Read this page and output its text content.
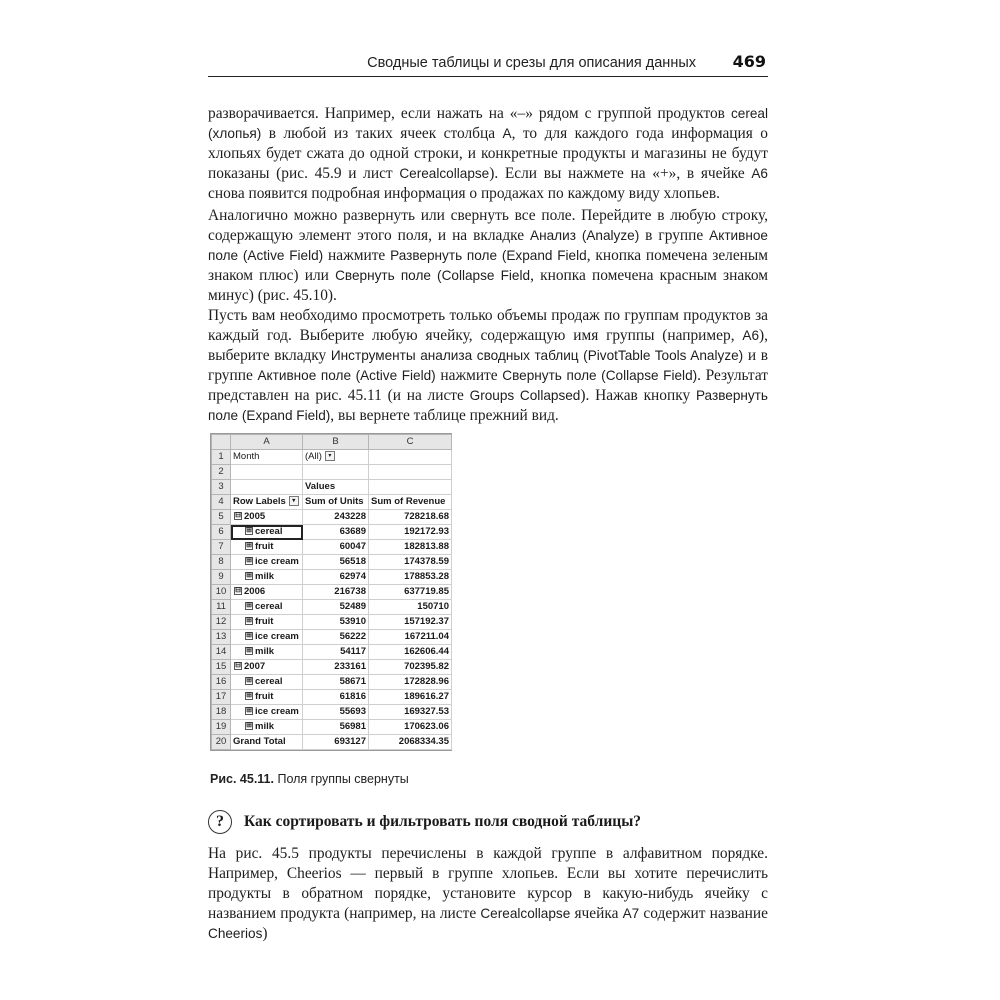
Сводные таблицы и срезы для описания данных 469

разворачивается. Например, если нажать на «–» рядом с группой продуктов cereal (хлопья) в любой из таких ячеек столбца А, то для каждого года информация о хлопьях будет сжата до одной строки, и конкретные продукты и магазины не будут показаны (рис. 45.9 и лист Cerealcollapse). Если вы нажмете на «+», в ячейке А6 снова появится подробная информация о продажах по каждому виду хлопьев.

Аналогично можно развернуть или свернуть все поле. Перейдите в любую строку, содержащую элемент этого поля, и на вкладке Анализ (Analyze) в группе Активное поле (Active Field) нажмите Развернуть поле (Expand Field, кнопка помечена зеленым знаком плюс) или Свернуть поле (Collapse Field, кнопка помечена красным знаком минус) (рис. 45.10).

Пусть вам необходимо просмотреть только объемы продаж по группам продуктов за каждый год. Выберите любую ячейку, содержащую имя группы (например, А6), выберите вкладку Инструменты анализа сводных таблиц (PivotTable Tools Analyze) и в группе Активное поле (Active Field) нажмите Свернуть поле (Collapse Field). Результат представлен на рис. 45.11 (и на листе Groups Collapsed). Нажав кнопку Развернуть поле (Expand Field), вы вернете таблице прежний вид.

	A	B	C
1	Month	(All) ▾	
2			
3		Values	
4	Row Labels ▾	Sum of Units	Sum of Revenue
5	⊟ 2005	243228	728218.68
6	⊞ cereal	63689	192172.93
7	⊞ fruit	60047	182813.88
8	⊞ ice cream	56518	174378.59
9	⊞ milk	62974	178853.28
10	⊟ 2006	216738	637719.85
11	⊞ cereal	52489	150710
12	⊞ fruit	53910	157192.37
13	⊞ ice cream	56222	167211.04
14	⊞ milk	54117	162606.44
15	⊟ 2007	233161	702395.82
16	⊞ cereal	58671	172828.96
17	⊞ fruit	61816	189616.27
18	⊞ ice cream	55693	169327.53
19	⊞ milk	56981	170623.06
20	Grand Total	693127	2068334.35
Рис. 45.11. Поля группы свернуты
?	Как сортировать и фильтровать поля сводной таблицы?

На рис. 45.5 продукты перечислены в каждой группе в алфавитном порядке. Например, Cheerios — первый в группе хлопьев. Если вы хотите перечислить продукты в обратном порядке, установите курсор в какую-нибудь ячейку с названием продукта (например, на листе Cerealcollapse ячейка А7 содержит название Cheerios)
